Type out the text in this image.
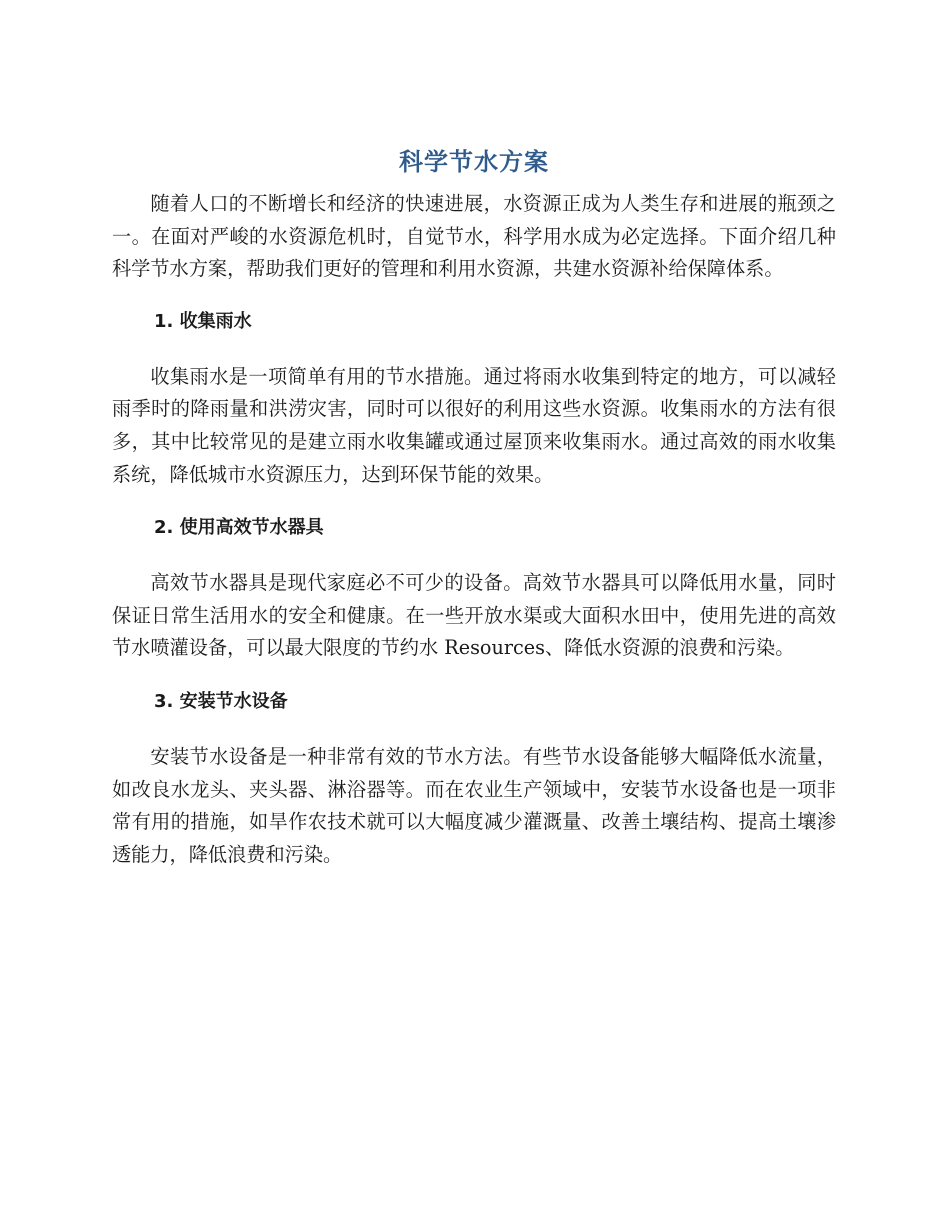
科学节水方案

随着人口的不断增长和经济的快速进展，水资源正成为人类生存和进展的瓶颈之一。在面对严峻的水资源危机时，自觉节水，科学用水成为必定选择。下面介绍几种科学节水方案，帮助我们更好的管理和利用水资源，共建水资源补给保障体系。

1. 收集雨水

收集雨水是一项简单有用的节水措施。通过将雨水收集到特定的地方，可以减轻雨季时的降雨量和洪涝灾害，同时可以很好的利用这些水资源。收集雨水的方法有很多，其中比较常见的是建立雨水收集罐或通过屋顶来收集雨水。通过高效的雨水收集系统，降低城市水资源压力，达到环保节能的效果。

2. 使用高效节水器具

高效节水器具是现代家庭必不可少的设备。高效节水器具可以降低用水量，同时保证日常生活用水的安全和健康。在一些开放水渠或大面积水田中，使用先进的高效节水喷灌设备，可以最大限度的节约水 Resources、降低水资源的浪费和污染。

3. 安装节水设备

安装节水设备是一种非常有效的节水方法。有些节水设备能够大幅降低水流量，如改良水龙头、夹头器、淋浴器等。而在农业生产领域中，安装节水设备也是一项非常有用的措施，如旱作农技术就可以大幅度减少灌溉量、改善土壤结构、提高土壤渗透能力，降低浪费和污染。
